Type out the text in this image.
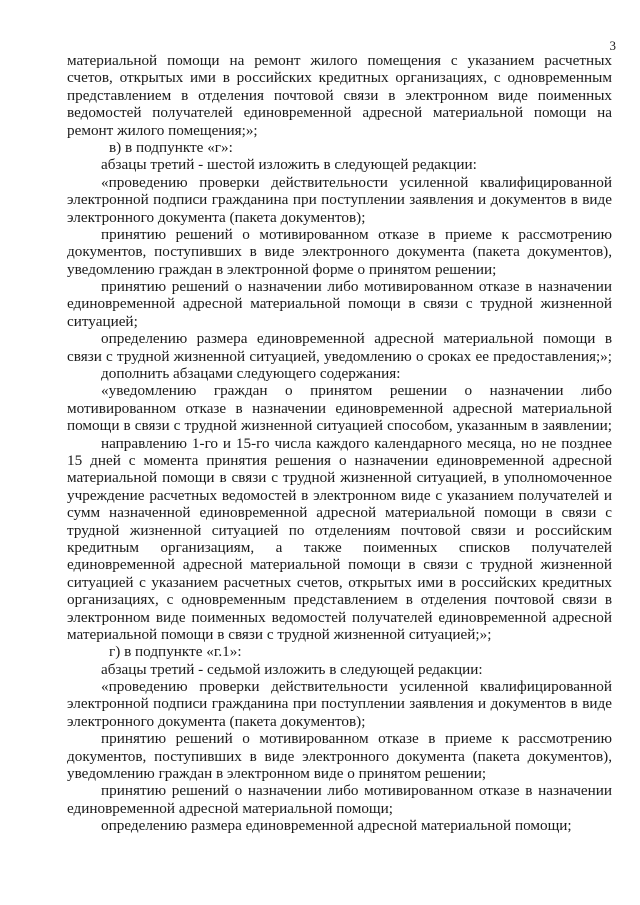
3
материальной помощи на ремонт жилого помещения с указанием расчетных
счетов, открытых ими в российских кредитных организациях, с одновременным
представлением в отделения почтовой связи в электронном виде поименных
ведомостей получателей единовременной адресной материальной помощи на
ремонт жилого помещения;»;
в) в подпункте «г»:
абзацы третий - шестой изложить в следующей редакции:
«проведению проверки действительности усиленной квалифицированной
электронной подписи гражданина при поступлении заявления и документов в виде
электронного документа (пакета документов);
принятию решений о мотивированном отказе в приеме к рассмотрению
документов, поступивших в виде электронного документа (пакета документов),
уведомлению граждан в электронной форме о принятом решении;
принятию решений о назначении либо мотивированном отказе в назначении
единовременной адресной материальной помощи в связи с трудной жизненной
ситуацией;
определению размера единовременной адресной материальной помощи в
связи с трудной жизненной ситуацией, уведомлению о сроках ее предоставления;»;
дополнить абзацами следующего содержания:
«уведомлению граждан о принятом решении о назначении либо
мотивированном отказе в назначении единовременной адресной материальной
помощи в связи с трудной жизненной ситуацией способом, указанным в заявлении;
направлению 1-го и 15-го числа каждого календарного месяца, но не позднее
15 дней с момента принятия решения о назначении единовременной адресной
материальной помощи в связи с трудной жизненной ситуацией, в уполномоченное
учреждение расчетных ведомостей в электронном виде с указанием получателей и
сумм назначенной единовременной адресной материальной помощи в связи с
трудной жизненной ситуацией по отделениям почтовой связи и российским
кредитным организациям, а также поименных списков получателей
единовременной адресной материальной помощи в связи с трудной жизненной
ситуацией с указанием расчетных счетов, открытых ими в российских кредитных
организациях, с одновременным представлением в отделения почтовой связи в
электронном виде поименных ведомостей получателей единовременной адресной
материальной помощи в связи с трудной жизненной ситуацией;»;
г) в подпункте «г.1»:
абзацы третий - седьмой изложить в следующей редакции:
«проведению проверки действительности усиленной квалифицированной
электронной подписи гражданина при поступлении заявления и документов в виде
электронного документа (пакета документов);
принятию решений о мотивированном отказе в приеме к рассмотрению
документов, поступивших в виде электронного документа (пакета документов),
уведомлению граждан в электронном виде о принятом решении;
принятию решений о назначении либо мотивированном отказе в назначении
единовременной адресной материальной помощи;
определению размера единовременной адресной материальной помощи;
